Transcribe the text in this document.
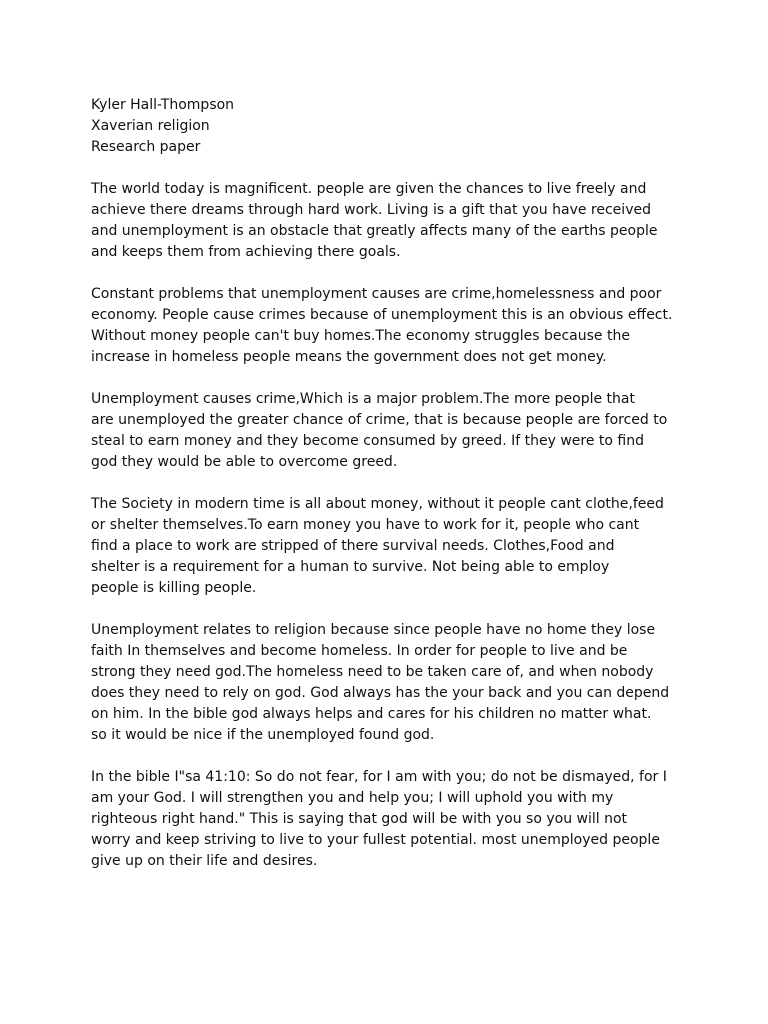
Kyler Hall-Thompson
Xaverian religion
Research paper
The world today is magnificent. people are given the chances to live freely and
achieve there dreams through hard work. Living is a gift that you have received
and unemployment is an obstacle that greatly affects many of the earths people
and keeps them from achieving there goals.
Constant problems that unemployment causes are crime,homelessness and poor
economy. People cause crimes because of unemployment this is an obvious effect.
Without money people can't buy homes.The economy struggles because the
increase in homeless people means the government does not get money.
Unemployment causes crime,Which is a major problem.The more people that
are unemployed the greater chance of crime, that is because people are forced to
steal to earn money and they become consumed by greed. If they were to find
god they would be able to overcome greed.
The Society in modern time is all about money, without it people cant clothe,feed
or shelter themselves.To earn money you have to work for it, people who cant
find a place to work are stripped of there survival needs. Clothes,Food and
shelter is a requirement for a human to survive. Not being able to employ
people is killing people.
Unemployment relates to religion because since people have no home they lose
faith In themselves and become homeless. In order for people to live and be
strong they need god.The homeless need to be taken care of, and when nobody
does they need to rely on god. God always has the your back and you can depend
on him. In the bible god always helps and cares for his children no matter what.
so it would be nice if the unemployed found god.
In the bible I"sa 41:10: So do not fear, for I am with you; do not be dismayed, for I
am your God. I will strengthen you and help you; I will uphold you with my
righteous right hand." This is saying that god will be with you so you will not
worry and keep striving to live to your fullest potential. most unemployed people
give up on their life and desires.
